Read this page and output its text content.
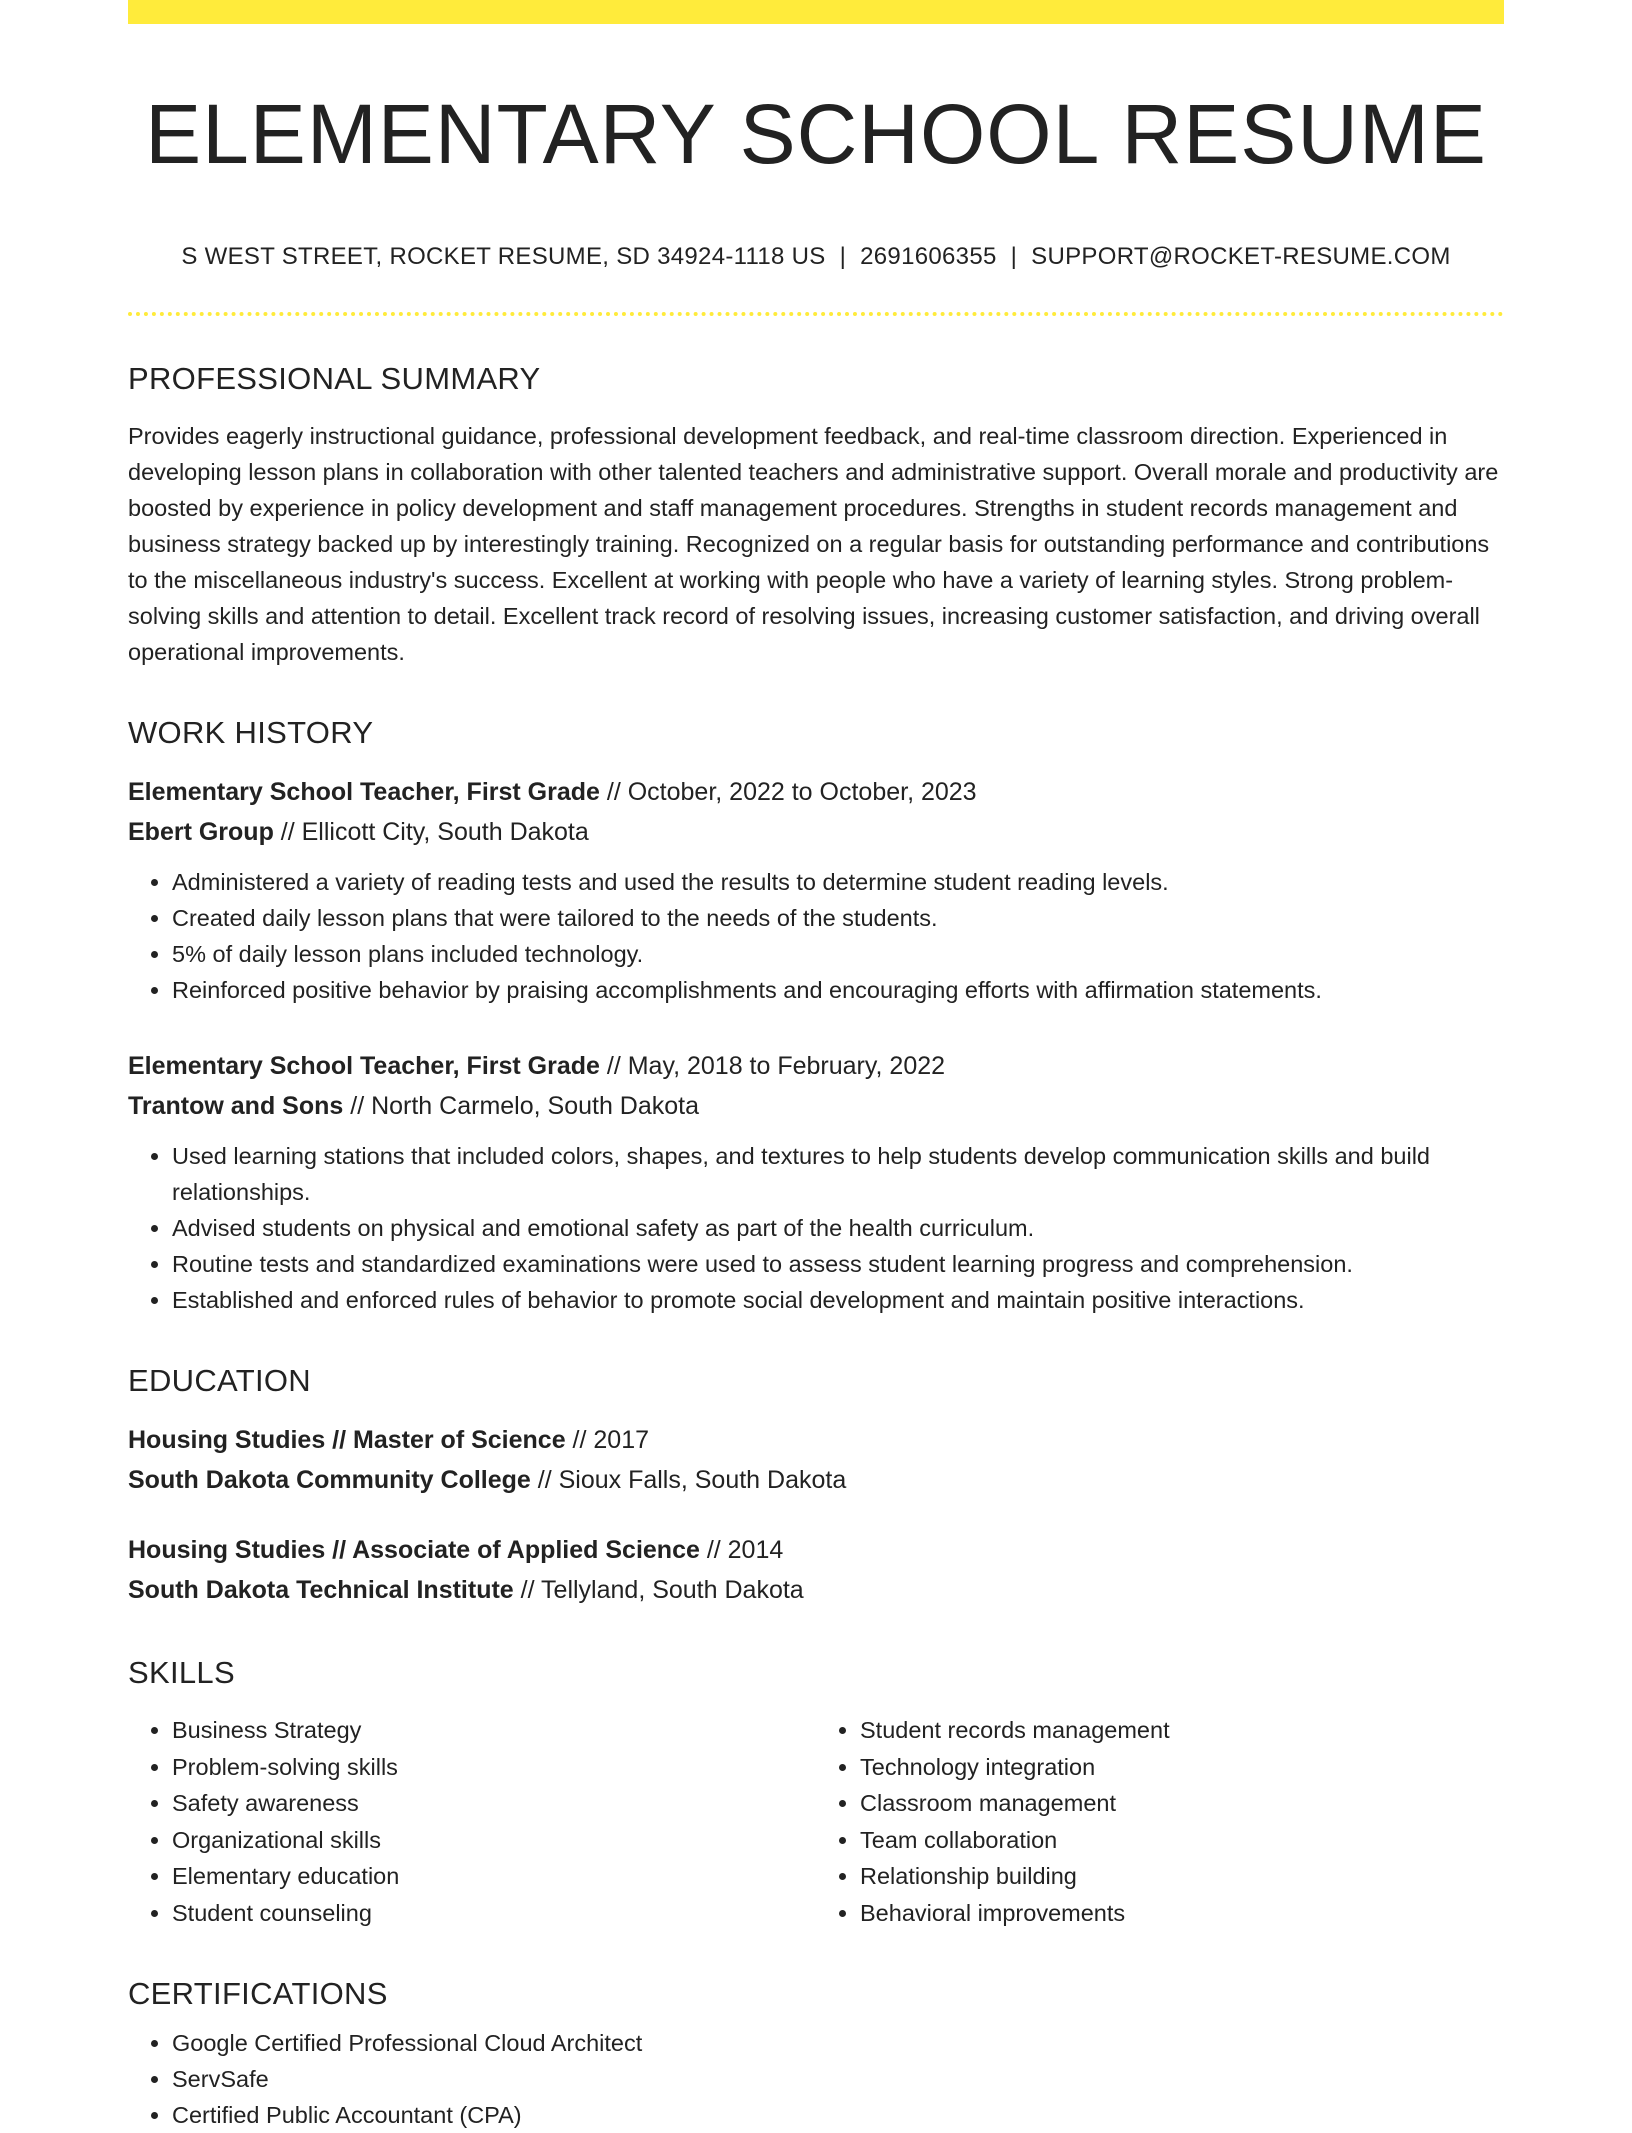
ELEMENTARY SCHOOL RESUME
S WEST STREET, ROCKET RESUME, SD 34924-1118 US | 2691606355 | SUPPORT@ROCKET-RESUME.COM
PROFESSIONAL SUMMARY
Provides eagerly instructional guidance, professional development feedback, and real-time classroom direction. Experienced in developing lesson plans in collaboration with other talented teachers and administrative support. Overall morale and productivity are boosted by experience in policy development and staff management procedures. Strengths in student records management and business strategy backed up by interestingly training. Recognized on a regular basis for outstanding performance and contributions to the miscellaneous industry's success. Excellent at working with people who have a variety of learning styles. Strong problem-solving skills and attention to detail. Excellent track record of resolving issues, increasing customer satisfaction, and driving overall operational improvements.
WORK HISTORY
Elementary School Teacher, First Grade // October, 2022 to October, 2023
Ebert Group // Ellicott City, South Dakota
• Administered a variety of reading tests and used the results to determine student reading levels.
• Created daily lesson plans that were tailored to the needs of the students.
• 5% of daily lesson plans included technology.
• Reinforced positive behavior by praising accomplishments and encouraging efforts with affirmation statements.
Elementary School Teacher, First Grade // May, 2018 to February, 2022
Trantow and Sons // North Carmelo, South Dakota
• Used learning stations that included colors, shapes, and textures to help students develop communication skills and build relationships.
• Advised students on physical and emotional safety as part of the health curriculum.
• Routine tests and standardized examinations were used to assess student learning progress and comprehension.
• Established and enforced rules of behavior to promote social development and maintain positive interactions.
EDUCATION
Housing Studies // Master of Science // 2017
South Dakota Community College // Sioux Falls, South Dakota
Housing Studies // Associate of Applied Science // 2014
South Dakota Technical Institute // Tellyland, South Dakota
SKILLS
• Business Strategy
• Problem-solving skills
• Safety awareness
• Organizational skills
• Elementary education
• Student counseling
• Student records management
• Technology integration
• Classroom management
• Team collaboration
• Relationship building
• Behavioral improvements
CERTIFICATIONS
• Google Certified Professional Cloud Architect
• ServSafe
• Certified Public Accountant (CPA)
